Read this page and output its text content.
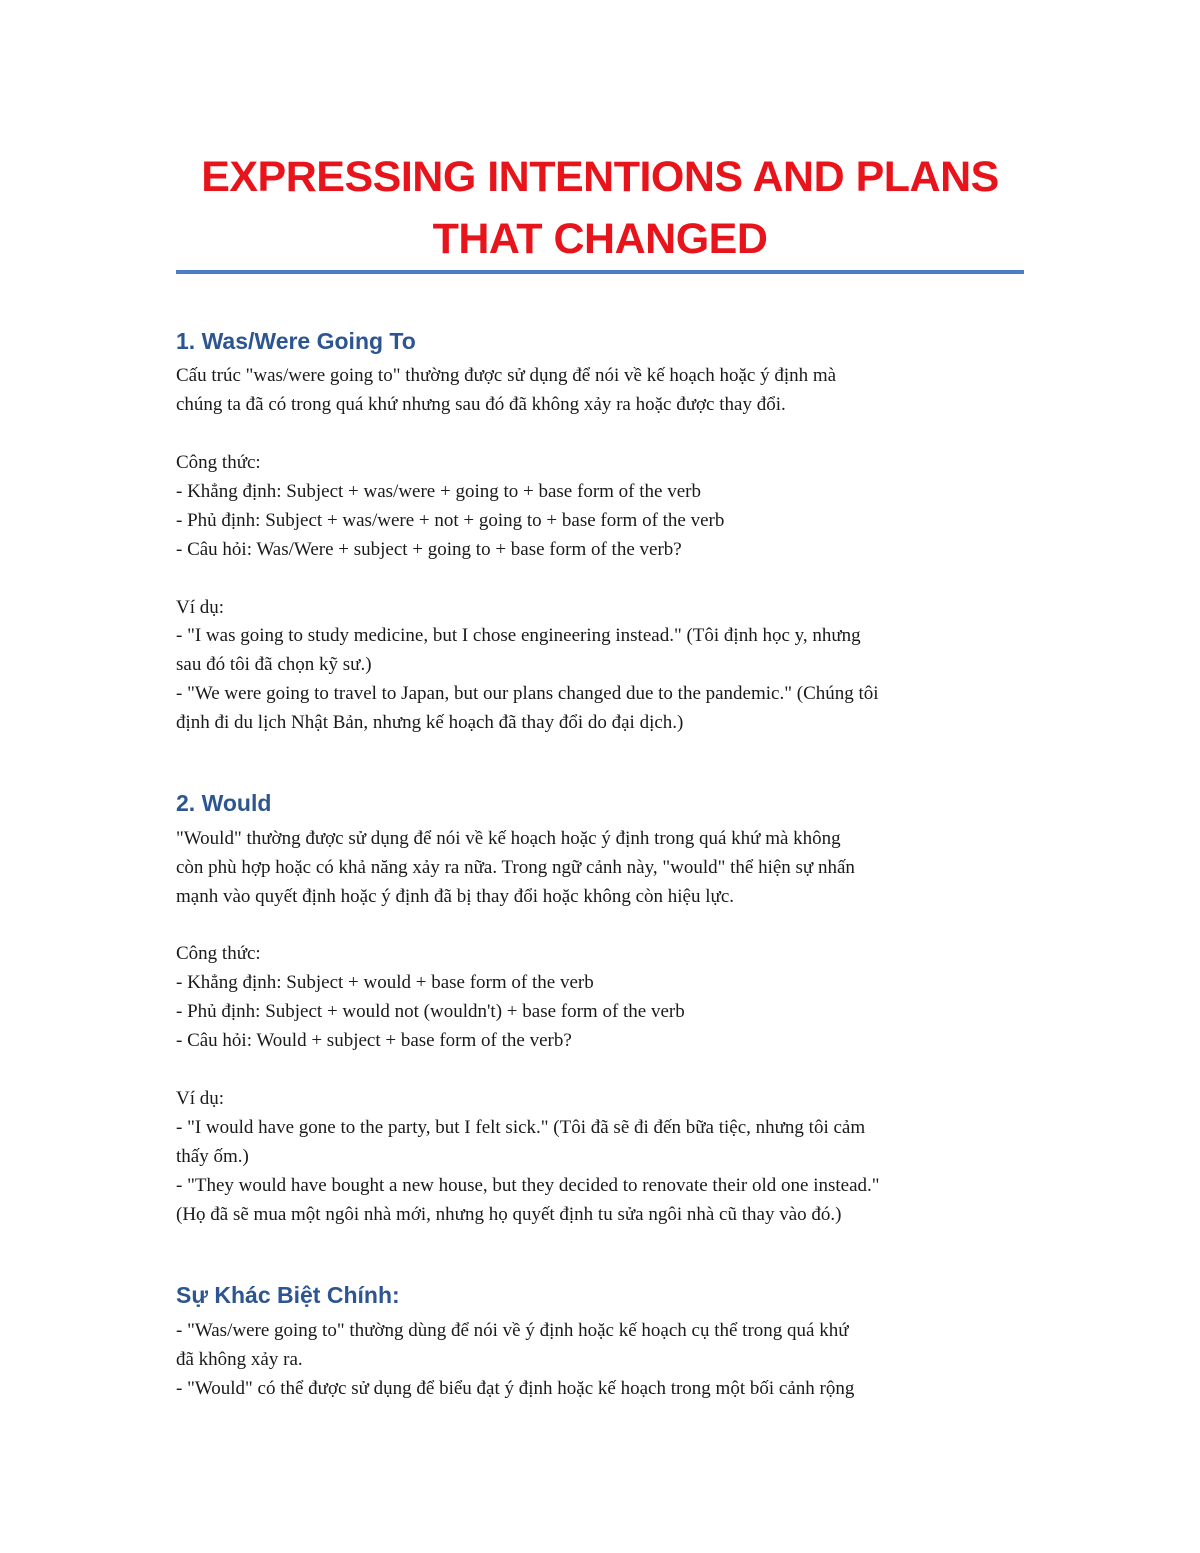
EXPRESSING INTENTIONS AND PLANS
THAT CHANGED
1. Was/Were Going To
Cấu trúc "was/were going to" thường được sử dụng để nói về kế hoạch hoặc ý định mà
chúng ta đã có trong quá khứ nhưng sau đó đã không xảy ra hoặc được thay đổi.
Công thức:
- Khẳng định: Subject + was/were + going to + base form of the verb
- Phủ định: Subject + was/were + not + going to + base form of the verb
- Câu hỏi: Was/Were + subject + going to + base form of the verb?
Ví dụ:
- "I was going to study medicine, but I chose engineering instead." (Tôi định học y, nhưng
sau đó tôi đã chọn kỹ sư.)
- "We were going to travel to Japan, but our plans changed due to the pandemic." (Chúng tôi
định đi du lịch Nhật Bản, nhưng kế hoạch đã thay đổi do đại dịch.)
2. Would
"Would" thường được sử dụng để nói về kế hoạch hoặc ý định trong quá khứ mà không
còn phù hợp hoặc có khả năng xảy ra nữa. Trong ngữ cảnh này, "would" thể hiện sự nhấn
mạnh vào quyết định hoặc ý định đã bị thay đổi hoặc không còn hiệu lực.
Công thức:
- Khẳng định: Subject + would + base form of the verb
- Phủ định: Subject + would not (wouldn't) + base form of the verb
- Câu hỏi: Would + subject + base form of the verb?
Ví dụ:
- "I would have gone to the party, but I felt sick." (Tôi đã sẽ đi đến bữa tiệc, nhưng tôi cảm
thấy ốm.)
- "They would have bought a new house, but they decided to renovate their old one instead."
(Họ đã sẽ mua một ngôi nhà mới, nhưng họ quyết định tu sửa ngôi nhà cũ thay vào đó.)
Sự Khác Biệt Chính:
- "Was/were going to" thường dùng để nói về ý định hoặc kế hoạch cụ thể trong quá khứ
đã không xảy ra.
- "Would" có thể được sử dụng để biểu đạt ý định hoặc kế hoạch trong một bối cảnh rộng
